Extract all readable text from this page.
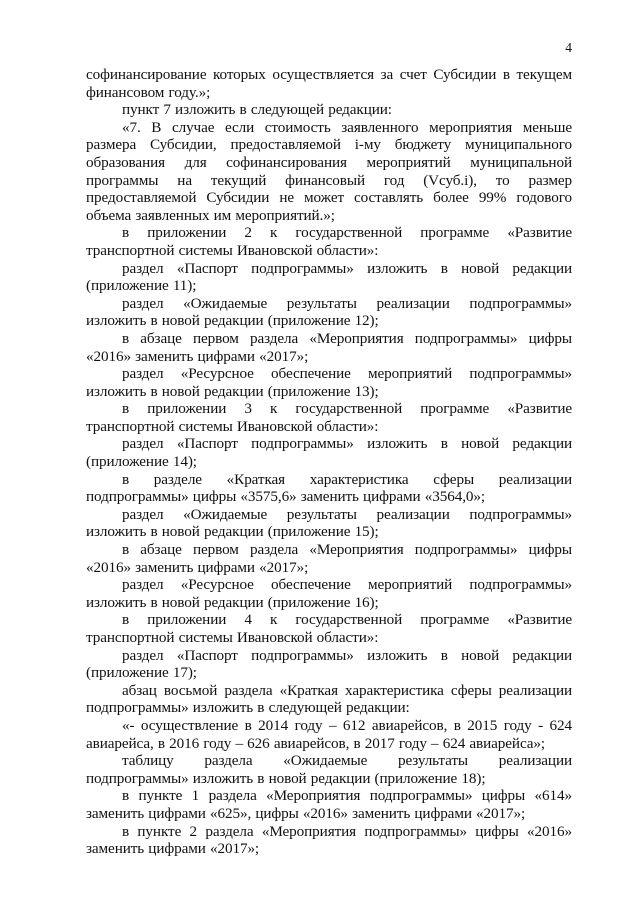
4

софинансирование которых осуществляется за счет Субсидии в текущем финансовом году.»;

пункт 7 изложить в следующей редакции:

«7. В случае если стоимость заявленного мероприятия меньше размера Субсидии, предоставляемой i-му бюджету муниципального образования для софинансирования мероприятий муниципальной программы на текущий финансовый год (Vсуб.i), то размер предоставляемой Субсидии не может составлять более 99% годового объема заявленных им мероприятий.»;

в приложении 2 к государственной программе «Развитие транспортной системы Ивановской области»:

раздел «Паспорт подпрограммы» изложить в новой редакции (приложение 11);

раздел «Ожидаемые результаты реализации подпрограммы» изложить в новой редакции (приложение 12);

в абзаце первом раздела «Мероприятия подпрограммы» цифры «2016» заменить цифрами «2017»;

раздел «Ресурсное обеспечение мероприятий подпрограммы» изложить в новой редакции (приложение 13);

в приложении 3 к государственной программе «Развитие транспортной системы Ивановской области»:

раздел «Паспорт подпрограммы» изложить в новой редакции (приложение 14);

в разделе «Краткая характеристика сферы реализации подпрограммы» цифры «3575,6» заменить цифрами «3564,0»;

раздел «Ожидаемые результаты реализации подпрограммы» изложить в новой редакции (приложение 15);

в абзаце первом раздела «Мероприятия подпрограммы» цифры «2016» заменить цифрами «2017»;

раздел «Ресурсное обеспечение мероприятий подпрограммы» изложить в новой редакции (приложение 16);

в приложении 4 к государственной программе «Развитие транспортной системы Ивановской области»:

раздел «Паспорт подпрограммы» изложить в новой редакции (приложение 17);

абзац восьмой раздела «Краткая характеристика сферы реализации подпрограммы» изложить в следующей редакции:

«- осуществление в 2014 году – 612 авиарейсов, в 2015 году - 624 авиарейса, в 2016 году – 626 авиарейсов, в 2017 году – 624 авиарейса»;

таблицу раздела «Ожидаемые результаты реализации подпрограммы» изложить в новой редакции (приложение 18);

в пункте 1 раздела «Мероприятия подпрограммы» цифры «614» заменить цифрами «625», цифры «2016» заменить цифрами «2017»;

в пункте 2 раздела «Мероприятия подпрограммы» цифры «2016» заменить цифрами «2017»;
